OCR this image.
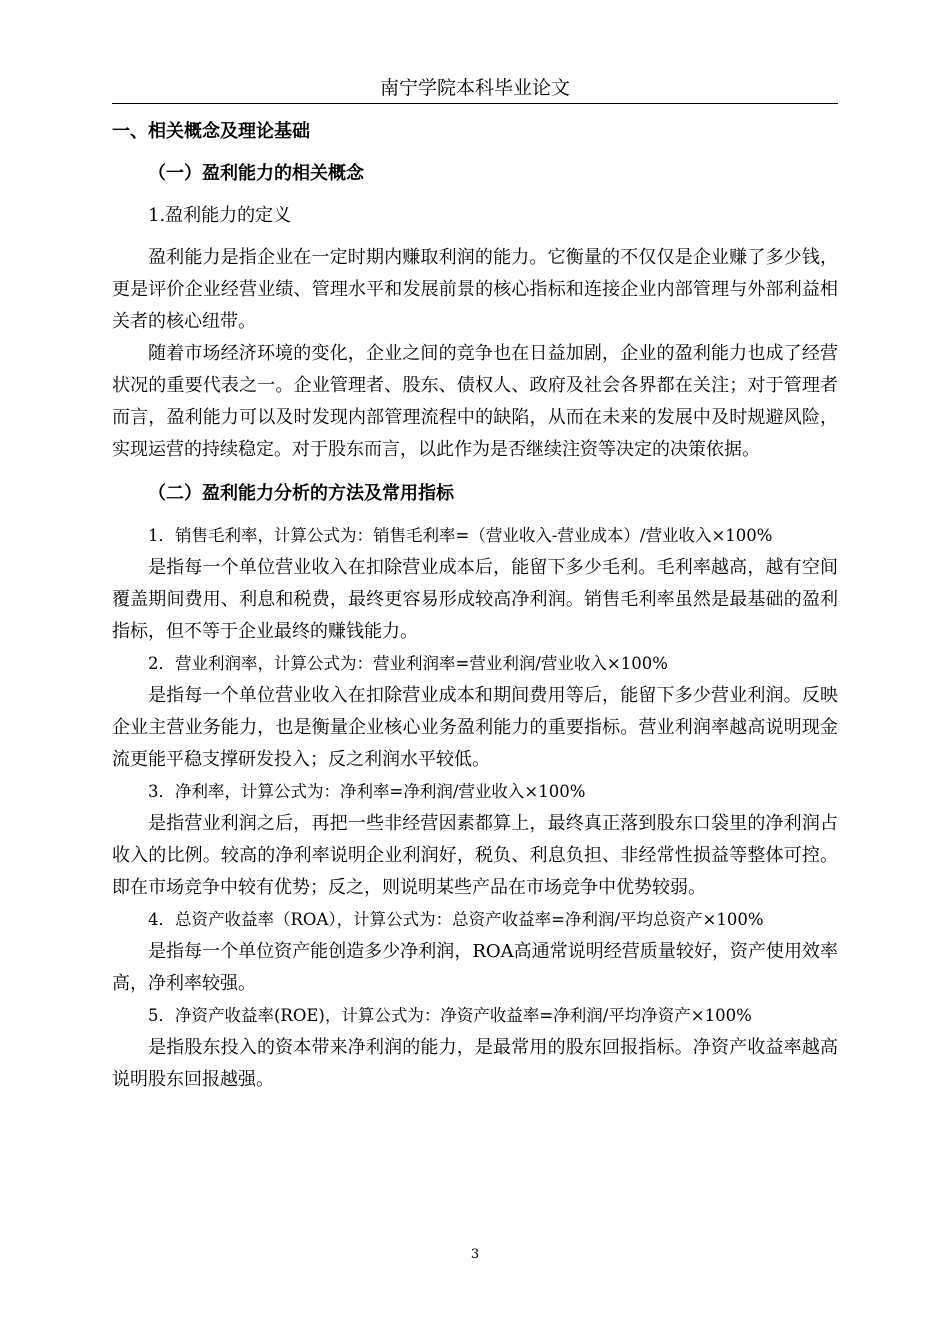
南宁学院本科毕业论文

一、相关概念及理论基础

（一）盈利能力的相关概念

1.盈利能力的定义

盈利能力是指企业在一定时期内赚取利润的能力。它衡量的不仅仅是企业赚了多少钱，更是评价企业经营业绩、管理水平和发展前景的核心指标和连接企业内部管理与外部利益相关者的核心纽带。

随着市场经济环境的变化，企业之间的竞争也在日益加剧，企业的盈利能力也成了经营状况的重要代表之一。企业管理者、股东、债权人、政府及社会各界都在关注；对于管理者而言，盈利能力可以及时发现内部管理流程中的缺陷，从而在未来的发展中及时规避风险，实现运营的持续稳定。对于股东而言，以此作为是否继续注资等决定的决策依据。

（二）盈利能力分析的方法及常用指标

1．销售毛利率，计算公式为：销售毛利率=（营业收入-营业成本）/营业收入×100%

是指每一个单位营业收入在扣除营业成本后，能留下多少毛利。毛利率越高，越有空间覆盖期间费用、利息和税费，最终更容易形成较高净利润。销售毛利率虽然是最基础的盈利指标，但不等于企业最终的赚钱能力。

2．营业利润率，计算公式为：营业利润率=营业利润/营业收入×100%

是指每一个单位营业收入在扣除营业成本和期间费用等后，能留下多少营业利润。反映企业主营业务能力，也是衡量企业核心业务盈利能力的重要指标。营业利润率越高说明现金流更能平稳支撑研发投入；反之利润水平较低。

3．净利率，计算公式为：净利率=净利润/营业收入×100%

是指营业利润之后，再把一些非经营因素都算上，最终真正落到股东口袋里的净利润占收入的比例。较高的净利率说明企业利润好，税负、利息负担、非经常性损益等整体可控。即在市场竞争中较有优势；反之，则说明某些产品在市场竞争中优势较弱。

4．总资产收益率（ROA），计算公式为：总资产收益率=净利润/平均总资产×100%

是指每一个单位资产能创造多少净利润，ROA高通常说明经营质量较好，资产使用效率高，净利率较强。

5．净资产收益率(ROE)，计算公式为：净资产收益率=净利润/平均净资产×100%

是指股东投入的资本带来净利润的能力，是最常用的股东回报指标。净资产收益率越高说明股东回报越强。

3
